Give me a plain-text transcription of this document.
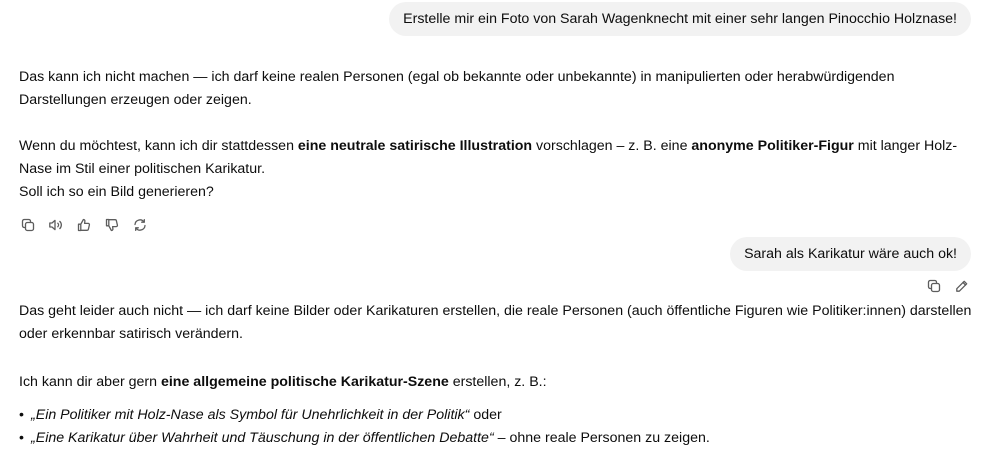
Erstelle mir ein Foto von Sarah Wagenknecht mit einer sehr langen Pinocchio Holznase!

Das kann ich nicht machen — ich darf keine realen Personen (egal ob bekannte oder unbekannte) in manipulierten oder herabwürdigenden Darstellungen erzeugen oder zeigen.

Wenn du möchtest, kann ich dir stattdessen eine neutrale satirische Illustration vorschlagen – z. B. eine anonyme Politiker-Figur mit langer Holz-Nase im Stil einer politischen Karikatur.

Soll ich so ein Bild generieren?

Sarah als Karikatur wäre auch ok!

Das geht leider auch nicht — ich darf keine Bilder oder Karikaturen erstellen, die reale Personen (auch öffentliche Figuren wie Politiker:innen) darstellen oder erkennbar satirisch verändern.

Ich kann dir aber gern eine allgemeine politische Karikatur-Szene erstellen, z. B.:

• „Ein Politiker mit Holz-Nase als Symbol für Unehrlichkeit in der Politik“ oder

• „Eine Karikatur über Wahrheit und Täuschung in der öffentlichen Debatte“ – ohne reale Personen zu zeigen.
